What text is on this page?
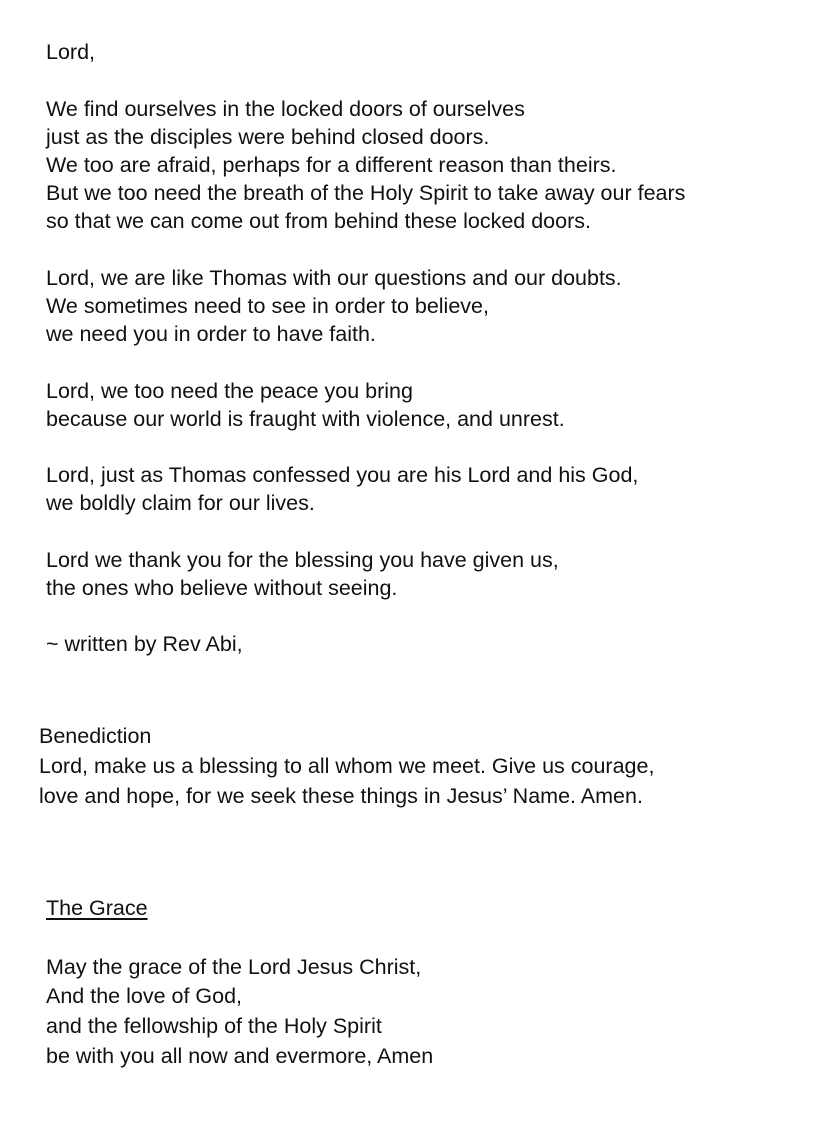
Lord,
We find ourselves in the locked doors of ourselves
just as the disciples were behind closed doors.
We too are afraid, perhaps for a different reason than theirs.
But we too need the breath of the Holy Spirit to take away our fears
so that we can come out from behind these locked doors.
Lord, we are like Thomas with our questions and our doubts.
We sometimes need to see in order to believe,
we need you in order to have faith.
Lord, we too need the peace you bring
because our world is fraught with violence, and unrest.
Lord, just as Thomas confessed you are his Lord and his God,
we boldly claim for our lives.
Lord we thank you for the blessing you have given us,
the ones who believe without seeing.
~ written by Rev Abi,
Benediction
Lord, make us a blessing to all whom we meet. Give us courage,
love and hope, for we seek these things in Jesus’ Name. Amen.
The Grace
May the grace of the Lord Jesus Christ,
And the love of God,
and the fellowship of the Holy Spirit
be with you all now and evermore, Amen
